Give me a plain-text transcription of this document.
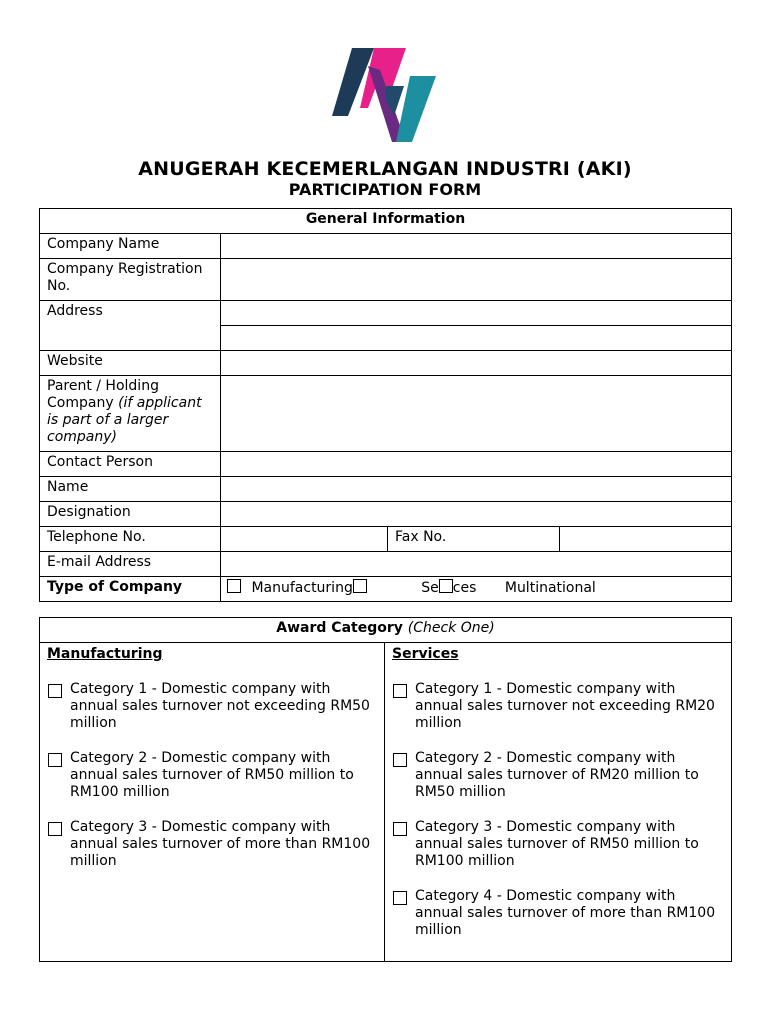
ANUGERAH KECEMERLANGAN INDUSTRI (AKI)
PARTICIPATION FORM
General Information			
Company Name			
Company Registration No.			
Address			

Website			
Parent / Holding Company (if applicant is part of a larger company)			
Contact Person			
Name			
Designation			
Telephone No.		Fax No.	
E-mail Address			
Type of Company	Manufacturing Se ces Multinational		
Award Category (Check One)

Manufacturing
Category 1 - Domestic company with annual sales turnover not exceeding RM50 million
Category 2 - Domestic company with annual sales turnover of RM50 million to RM100 million
Category 3 - Domestic company with annual sales turnover of more than RM100 million

Services
Category 1 - Domestic company with annual sales turnover not exceeding RM20 million
Category 2 - Domestic company with annual sales turnover of RM20 million to RM50 million
Category 3 - Domestic company with annual sales turnover of RM50 million to RM100 million
Category 4 - Domestic company with annual sales turnover of more than RM100 million
